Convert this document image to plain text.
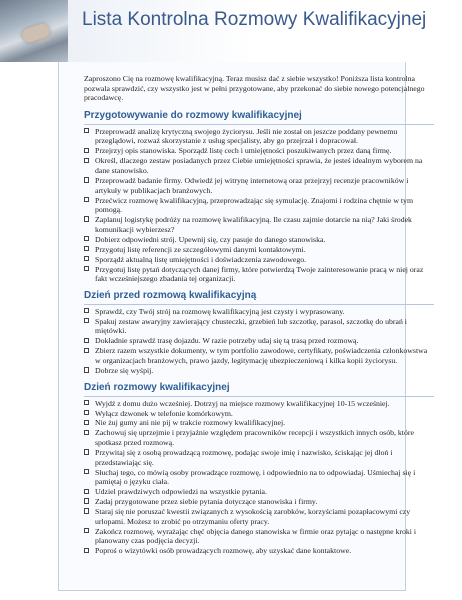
Lista Kontrolna Rozmowy Kwalifikacyjnej

Zaproszono Cię na rozmowę kwalifikacyjną. Teraz musisz dać z siebie wszystko! Poniższa lista kontrolna pozwala sprawdzić, czy wszystko jest w pełni przygotowane, aby przekonać do siebie nowego potencjalnego pracodawcę.

Przygotowywanie do rozmowy kwalifikacyjnej
Przeprowadź analizę krytyczną swojego życiorysu. Jeśli nie został on jeszcze poddany pewnemu przeglądowi, rozważ skorzystanie z usług specjalisty, aby go przejrzał i dopracował.
Przejrzyj opis stanowiska. Sporządź listę cech i umiejętności poszukiwanych przez daną firmę.
Określ, dlaczego zestaw posiadanych przez Ciebie umiejętności sprawia, że jesteś idealnym wyborem na dane stanowisko.
Przeprowadź badanie firmy. Odwiedź jej witrynę internetową oraz przejrzyj recenzje pracowników i artykuły w publikacjach branżowych.
Przećwicz rozmowę kwalifikacyjną, przeprowadzając się symulację. Znajomi i rodzina chętnie w tym pomogą.
Zaplanuj logistykę podróży na rozmowę kwalifikacyjną. Ile czasu zajmie dotarcie na nią? Jaki środek komunikacji wybierzesz?
Dobierz odpowiedni strój. Upewnij się, czy pasuje do danego stanowiska.
Przygotuj listę referencji ze szczegółowymi danymi kontaktowymi.
Sporządź aktualną listę umiejętności i doświadczenia zawodowego.
Przygotuj listę pytań dotyczących danej firmy, które potwierdzą Twoje zainteresowanie pracą w niej oraz fakt wcześniejszego zbadania tej organizacji.
Dzień przed rozmową kwalifikacyjną
Sprawdź, czy Twój strój na rozmowę kwalifikacyjną jest czysty i wyprasowany.
Spakuj zestaw awaryjny zawierający chusteczki, grzebień lub szczotkę, parasol, szczotkę do ubrań i miętówki.
Dokładnie sprawdź trasę dojazdu. W razie potrzeby udaj się tą trasą przed rozmową.
Zbierz razem wszystkie dokumenty, w tym portfolio zawodowe, certyfikaty, poświadczenia członkowstwa w organizacjach branżowych, prawo jazdy, legitymację ubezpieczeniową i kilka kopii życiorysu.
Dobrze się wyśpij.
Dzień rozmowy kwalifikacyjnej
Wyjdź z domu dużo wcześniej. Dotrzyj na miejsce rozmowy kwalifikacyjnej 10-15 wcześniej.
Wyłącz dzwonek w telefonie komórkowym.
Nie żuj gumy ani nie pij w trakcie rozmowy kwalifikacyjnej.
Zachowuj się uprzejmie i przyjaźnie względem pracowników recepcji i wszystkich innych osób, które spotkasz przed rozmową.
Przywitaj się z osobą prowadzącą rozmowę, podając swoje imię i nazwisko, ściskając jej dłoń i przedstawiając się.
Słuchaj tego, co mówią osoby prowadzące rozmowę, i odpowiednio na to odpowiadaj. Uśmiechaj się i pamiętaj o języku ciała.
Udziel prawdziwych odpowiedzi na wszystkie pytania.
Zadaj przygotowane przez siebie pytania dotyczące stanowiska i firmy.
Staraj się nie poruszać kwestii związanych z wysokością zarobków, korzyściami pozapłacowymi czy urlopami. Możesz to zrobić po otrzymaniu oferty pracy.
Zakończ rozmowę, wyrażając chęć objęcia danego stanowiska w firmie oraz pytając o następne kroki i planowany czas podjęcia decyzji.
Poproś o wizytówki osób prowadzących rozmowę, aby uzyskać dane kontaktowe.
